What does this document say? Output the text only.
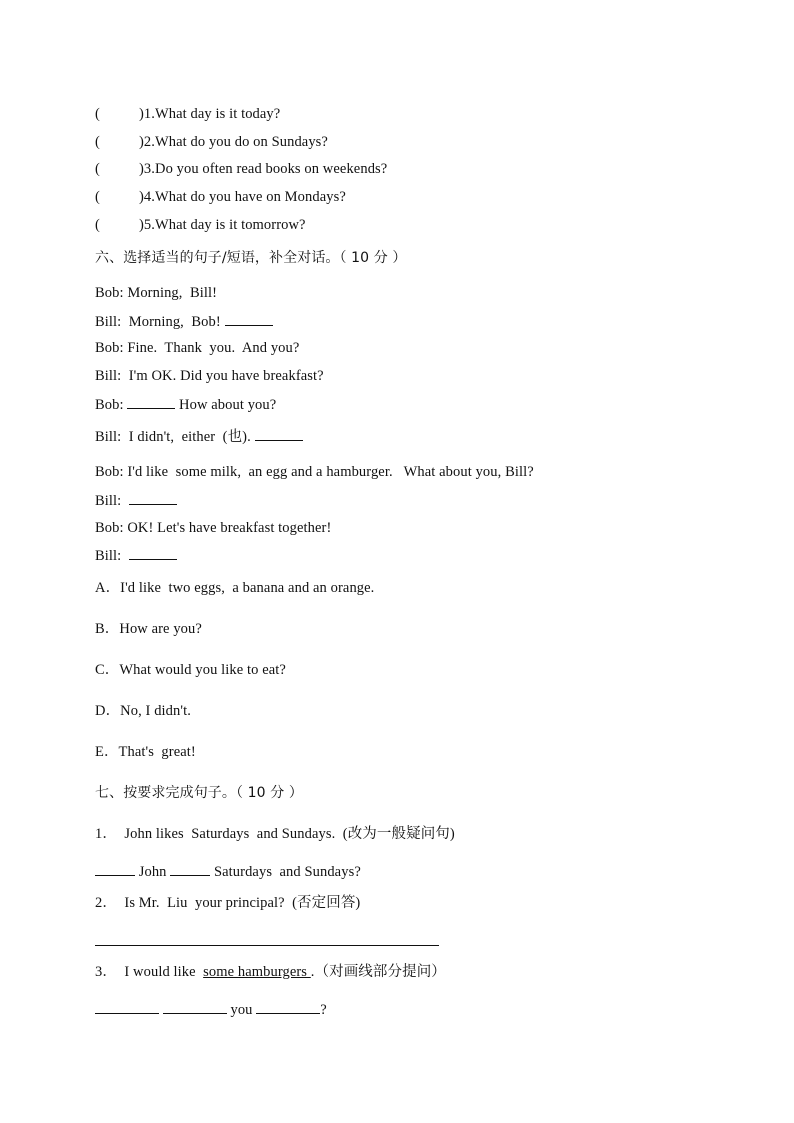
(	)1.What day is it today?
(	)2.What do you do on Sundays?
(	)3.Do you often read books on weekends?
(	)4.What do you have on Mondays?
(	)5.What day is it tomorrow?
六、选择适当的句子/短语，补全对话。（ 10 分 ）
Bob: Morning,  Bill!
Bill:  Morning,  Bob!
Bob: Fine.  Thank  you.  And you?
Bill:  I'm OK. Did you have breakfast?
Bob:	How about you?
Bill:  I didn't,  either  (也).
Bob: I'd like  some milk,  an egg and a hamburger.   What about you, Bill?
Bill:
Bob: OK! Let's have breakfast together!
Bill:
A．I'd like  two eggs,  a banana and an orange.
B．How are you?
C．What would you like to eat?
D．No, I didn't.
E．That's  great!
七、按要求完成句子。（ 10 分 ）
1．  John likes  Saturdays  and Sundays.  (改为一般疑问句)
John	Saturdays  and Sundays?
2．  Is Mr.  Liu  your principal?  (否定回答)
3．  I would like  some hamburgers .（对画线部分提问）
you	?
